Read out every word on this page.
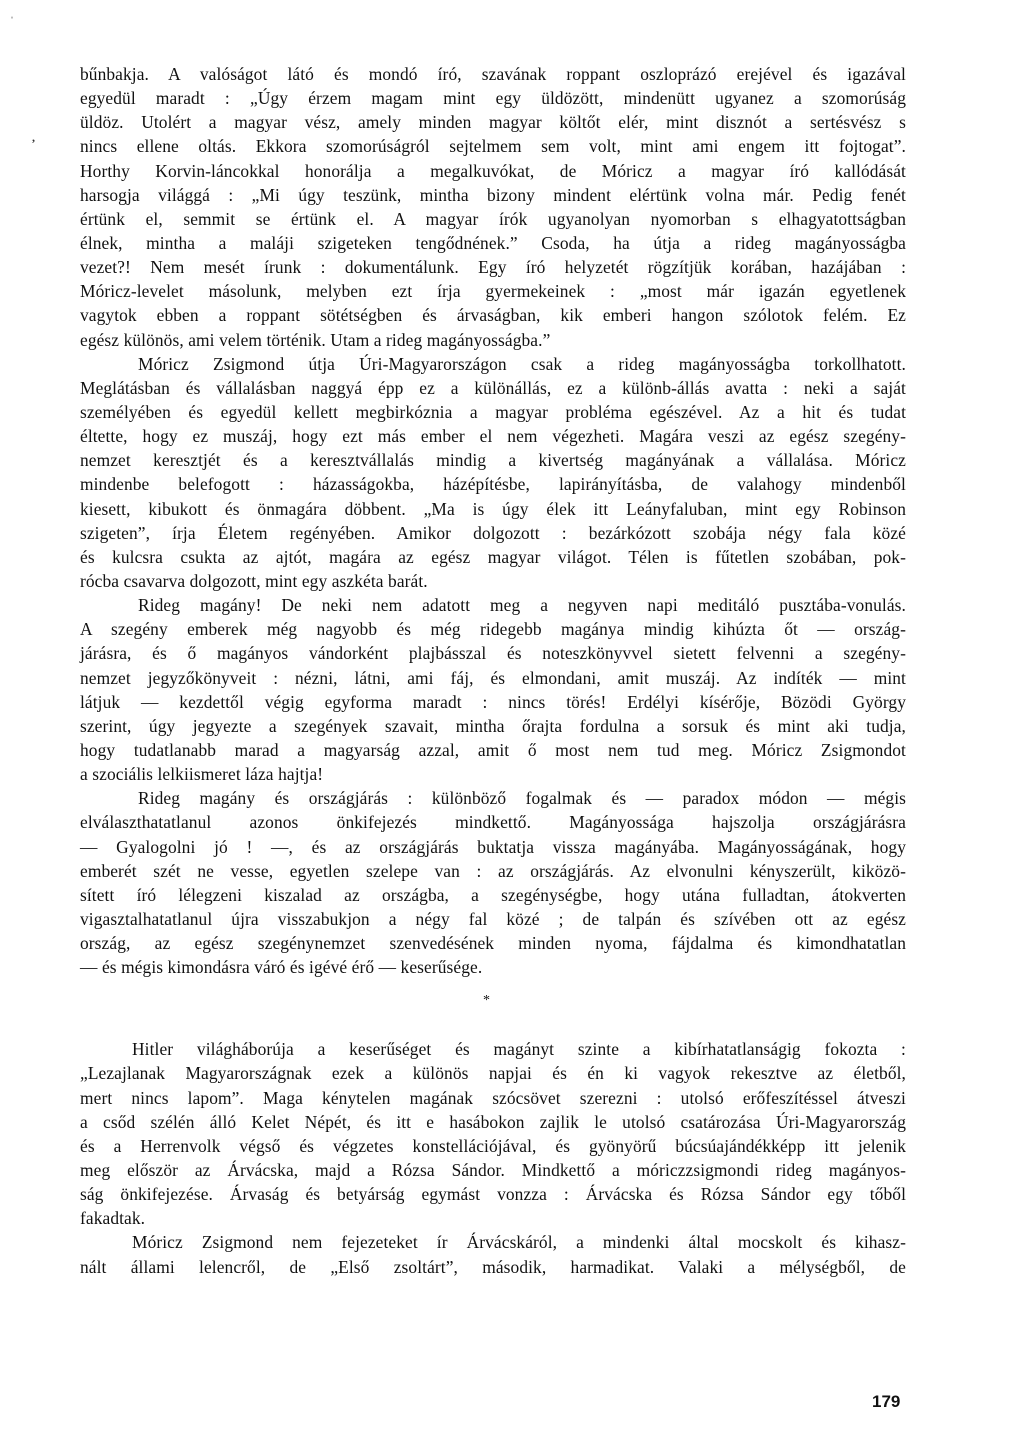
bűnbakja. A valóságot látó és mondó író, szavának roppant oszloprázó erejével és igazával
egyedül maradt : „Úgy érzem magam mint egy üldözött, mindenütt ugyanez a szomorúság
üldöz. Utolért a magyar vész, amely minden magyar költőt elér, mint disznót a sertésvész s
nincs ellene oltás. Ekkora szomorúságról sejtelmem sem volt, mint ami engem itt fojtogat”.
Horthy Korvin-láncokkal honorálja a megalkuvókat, de Móricz a magyar író kallódását
harsogja világgá : „Mi úgy teszünk, mintha bizony mindent elértünk volna már. Pedig fenét
értünk el, semmit se értünk el. A magyar írók ugyanolyan nyomorban s elhagyatottságban
élnek, mintha a maláji szigeteken tengődnének.” Csoda, ha útja a rideg magányosságba
vezet?! Nem mesét írunk : dokumentálunk. Egy író helyzetét rögzítjük korában, hazájában :
Móricz-levelet másolunk, melyben ezt írja gyermekeinek : „most már igazán egyetlenek
vagytok ebben a roppant sötétségben és árvaságban, kik emberi hangon szólotok felém. Ez
egész különös, ami velem történik. Utam a rideg magányosságba.”
Móricz Zsigmond útja Úri-Magyarországon csak a rideg magányosságba torkollhatott.
Meglátásban és vállalásban naggyá épp ez a különállás, ez a különb-állás avatta : neki a saját
személyében és egyedül kellett megbirkóznia a magyar probléma egészével. Az a hit és tudat
éltette, hogy ez muszáj, hogy ezt más ember el nem végezheti. Magára veszi az egész szegény-
nemzet keresztjét és a keresztvállalás mindig a kivertség magányának a vállalása. Móricz
mindenbe belefogott : házasságokba, házépítésbe, lapirányításba, de valahogy mindenből
kiesett, kibukott és önmagára döbbent. „Ma is úgy élek itt Leányfaluban, mint egy Robinson
szigeten”, írja Életem regényében. Amikor dolgozott : bezárkózott szobája négy fala közé
és kulcsra csukta az ajtót, magára az egész magyar világot. Télen is fűtetlen szobában, pok-
rócba csavarva dolgozott, mint egy aszkéta barát.
Rideg magány! De neki nem adatott meg a negyven napi meditáló pusztába-vonulás.
A szegény emberek még nagyobb és még ridegebb magánya mindig kihúzta őt — ország-
járásra, és ő magányos vándorként plajbásszal és noteszkönyvvel sietett felvenni a szegény-
nemzet jegyzőkönyveit : nézni, látni, ami fáj, és elmondani, amit muszáj. Az indíték — mint
látjuk — kezdettől végig egyforma maradt : nincs törés! Erdélyi kísérője, Bözödi György
szerint, úgy jegyezte a szegények szavait, mintha őrajta fordulna a sorsuk és mint aki tudja,
hogy tudatlanabb marad a magyarság azzal, amit ő most nem tud meg. Móricz Zsigmondot
a szociális lelkiismeret láza hajtja!
Rideg magány és országjárás : különböző fogalmak és — paradox módon — mégis
elválaszthatatlanul azonos önkifejezés mindkettő. Magányossága hajszolja országjárásra
— Gyalogolni jó ! —, és az országjárás buktatja vissza magányába. Magányosságának, hogy
emberét szét ne vesse, egyetlen szelepe van : az országjárás. Az elvonulni kényszerült, kiközö-
sített író lélegzeni kiszalad az országba, a szegénységbe, hogy utána fulladtan, átokverten
vigasztalhatatlanul újra visszabukjon a négy fal közé ; de talpán és szívében ott az egész
ország, az egész szegénynemzet szenvedésének minden nyoma, fájdalma és kimondhatatlan
— és mégis kimondásra váró és igévé érő — keserűsége.
*
Hitler világháborúja a keserűséget és magányt szinte a kibírhatatlanságig fokozta :
„Lezajlanak Magyarországnak ezek a különös napjai és én ki vagyok rekesztve az életből,
mert nincs lapom”. Maga kénytelen magának szócsövet szerezni : utolsó erőfeszítéssel átveszi
a csőd szélén álló Kelet Népét, és itt e hasábokon zajlik le utolsó csatározása Úri-Magyarország
és a Herrenvolk végső és végzetes konstellációjával, és gyönyörű búcsúajándékképp itt jelenik
meg először az Árvácska, majd a Rózsa Sándor. Mindkettő a móriczzsigmondi rideg magányos-
ság önkifejezése. Árvaság és betyárság egymást vonzza : Árvácska és Rózsa Sándor egy tőből
fakadtak.
Móricz Zsigmond nem fejezeteket ír Árvácskáról, a mindenki által mocskolt és kihasz-
nált állami lelencről, de „Első zsoltárt”, második, harmadikat. Valaki a mélységből, de
ˈ
,
179
